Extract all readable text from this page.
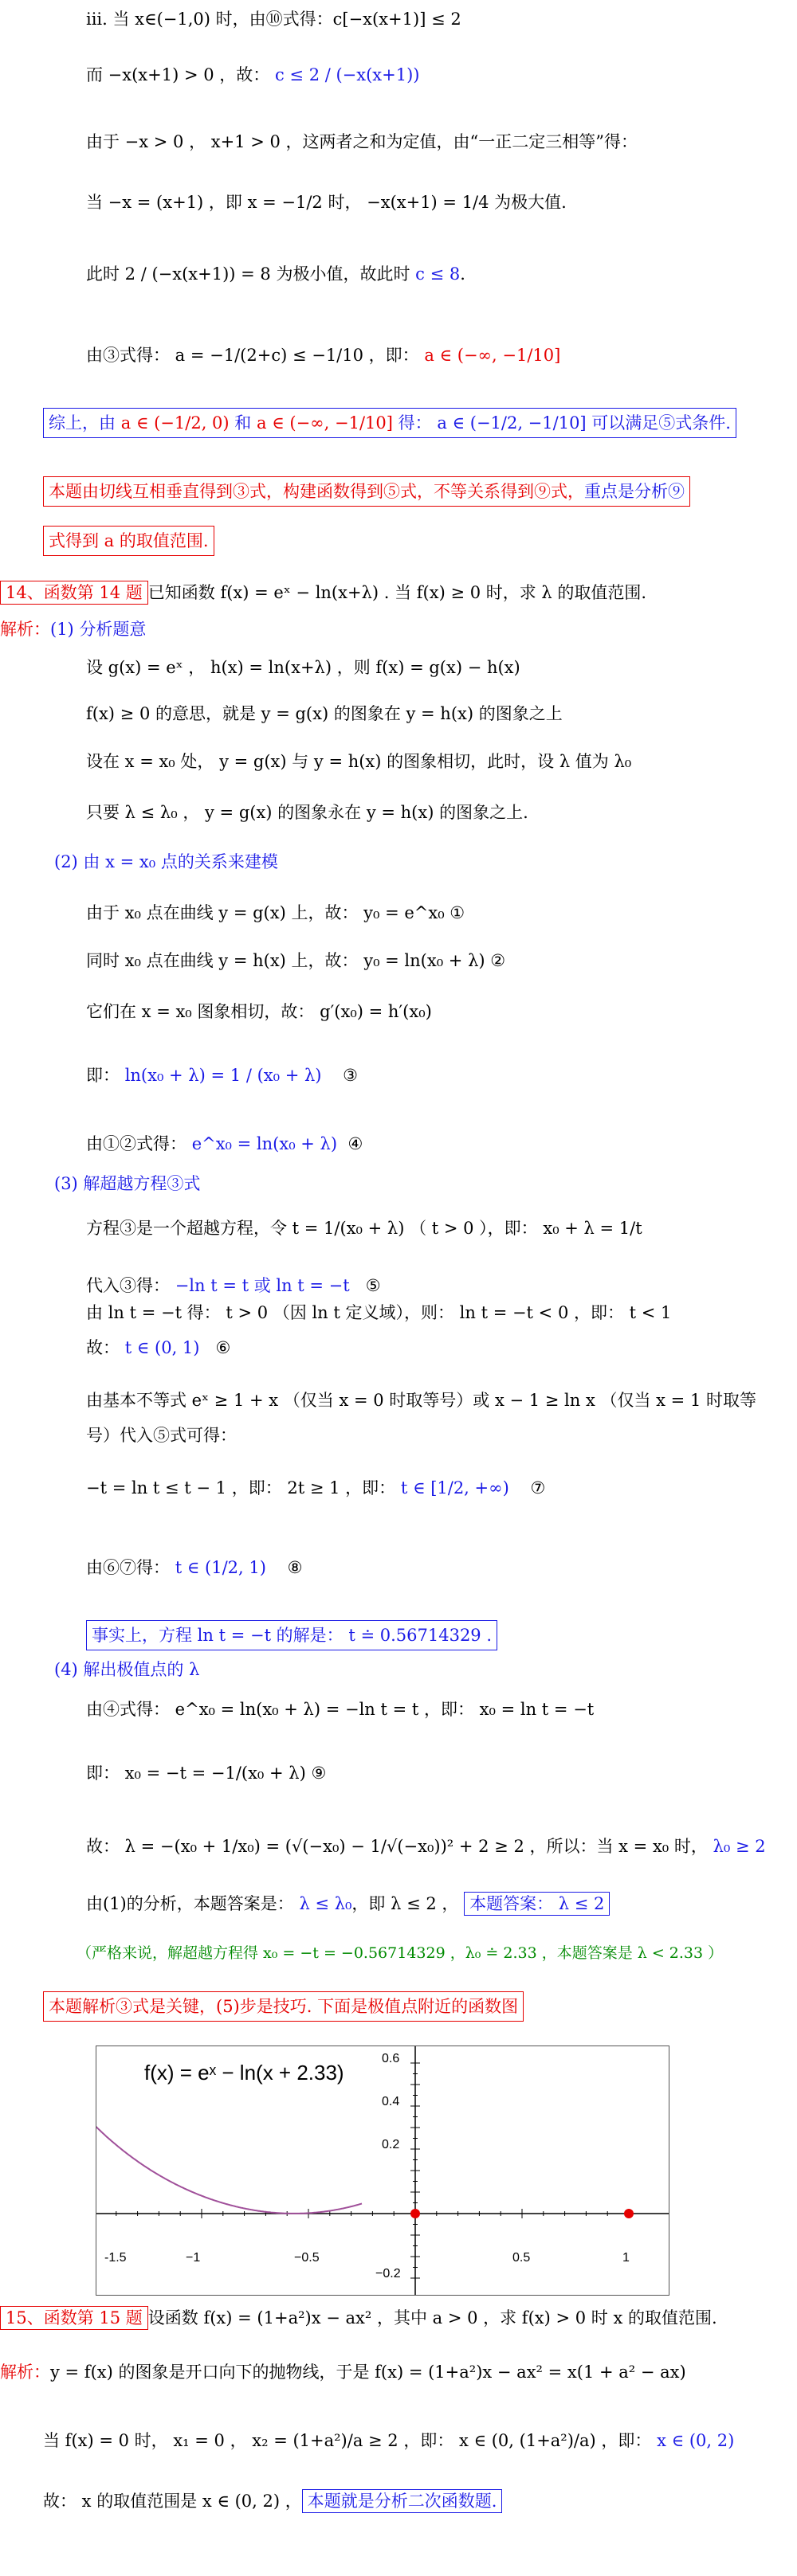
iii. 当 x∈(−1,0) 时，由⑩式得：c[−x(x+1)] ≤ 2
而 −x(x+1) > 0 ，故： c ≤ 2 / (−x(x+1))
由于 −x > 0 ， x+1 > 0 ，这两者之和为定值，由“一正二定三相等”得：
当 −x = (x+1) ，即 x = −1/2 时， −x(x+1) = 1/4 为极大值.
此时 2 / (−x(x+1)) = 8 为极小值，故此时 c ≤ 8.
由③式得： a = −1/(2+c) ≤ −1/10 ，即： a ∈ (−∞, −1/10]
综上，由 a ∈ (−1/2, 0) 和 a ∈ (−∞, −1/10] 得： a ∈ (−1/2, −1/10] 可以满足⑤式条件.
本题由切线互相垂直得到③式，构建函数得到⑤式，不等关系得到⑨式，重点是分析⑨
式得到 a 的取值范围.
14、函数第 14 题 已知函数 f(x) = eˣ − ln(x+λ) . 当 f(x) ≥ 0 时，求 λ 的取值范围.
解析：(1) 分析题意
设 g(x) = eˣ ， h(x) = ln(x+λ) ，则 f(x) = g(x) − h(x)
f(x) ≥ 0 的意思，就是 y = g(x) 的图象在 y = h(x) 的图象之上
设在 x = x₀ 处， y = g(x) 与 y = h(x) 的图象相切，此时，设 λ 值为 λ₀
只要 λ ≤ λ₀ ， y = g(x) 的图象永在 y = h(x) 的图象之上.
(2) 由 x = x₀ 点的关系来建模
由于 x₀ 点在曲线 y = g(x) 上，故： y₀ = e^x₀ ①
同时 x₀ 点在曲线 y = h(x) 上，故： y₀ = ln(x₀ + λ) ②
它们在 x = x₀ 图象相切，故： g′(x₀) = h′(x₀)
即： ln(x₀ + λ) = 1 / (x₀ + λ) ③
由①②式得： e^x₀ = ln(x₀ + λ) ④
(3) 解超越方程③式
方程③是一个超越方程，令 t = 1/(x₀ + λ) （ t > 0 ），即： x₀ + λ = 1/t
代入③得： −ln t = t 或 ln t = −t ⑤
由 ln t = −t 得： t > 0 （因 ln t 定义域），则： ln t = −t < 0 ，即： t < 1
故： t ∈ (0, 1) ⑥
由基本不等式 eˣ ≥ 1 + x （仅当 x = 0 时取等号）或 x − 1 ≥ ln x （仅当 x = 1 时取等
号）代入⑤式可得：
−t = ln t ≤ t − 1 ，即： 2t ≥ 1 ，即： t ∈ [1/2, +∞) ⑦
由⑥⑦得： t ∈ (1/2, 1) ⑧
事实上，方程 ln t = −t 的解是： t ≐ 0.56714329 .
(4) 解出极值点的 λ
由④式得： e^x₀ = ln(x₀ + λ) = −ln t = t ，即： x₀ = ln t = −t
即： x₀ = −t = −1/(x₀ + λ) ⑨
故： λ = −(x₀ + 1/x₀) = (√(−x₀) − 1/√(−x₀))² + 2 ≥ 2 ，所以：当 x = x₀ 时， λ₀ ≥ 2
由(1)的分析，本题答案是： λ ≤ λ₀，即 λ ≤ 2 ， 本题答案： λ ≤ 2
（严格来说，解超越方程得 x₀ = −t = −0.56714329 ，λ₀ ≐ 2.33 ，本题答案是 λ < 2.33 ）
本题解析③式是关键，(5)步是技巧. 下面是极值点附近的函数图
-1.5	−1	−0.5	0.5	1
0.6
0.4
0.2
−0.2
f(x) = eˣ − ln(x + 2.33)
15、函数第 15 题 设函数 f(x) = (1+a²)x − ax² ，其中 a > 0 ，求 f(x) > 0 时 x 的取值范围.
解析：y = f(x) 的图象是开口向下的抛物线，于是 f(x) = (1+a²)x − ax² = x(1 + a² − ax)
当 f(x) = 0 时， x₁ = 0 ， x₂ = (1+a²)/a ≥ 2 ，即： x ∈ (0, (1+a²)/a) ，即： x ∈ (0, 2)
故： x 的取值范围是 x ∈ (0, 2) ， 本题就是分析二次函数题.
